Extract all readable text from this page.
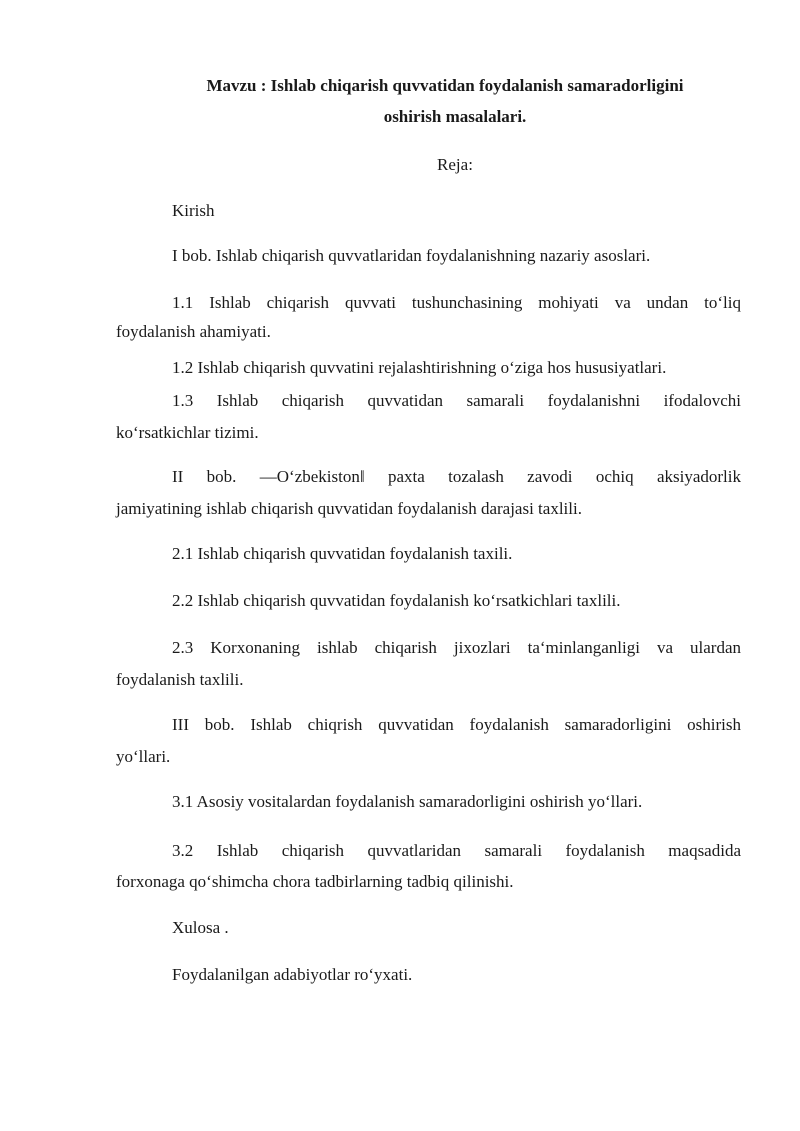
Mavzu : Ishlab chiqarish quvvatidan foydalanish samaradorligini
oshirish masalalari.
Reja:
Kirish
I bob. Ishlab chiqarish quvvatlaridan foydalanishning nazariy asoslari.
1.1 Ishlab chiqarish quvvati tushunchasining mohiyati va undan to‘liq
foydalanish ahamiyati.
1.2 Ishlab chiqarish quvvatini rejalashtirishning o‘ziga hos hususiyatlari.
1.3 Ishlab chiqarish quvvatidan samarali foydalanishni ifodalovchi
ko‘rsatkichlar tizimi.
II bob. ―O‘zbekiston‖ paxta tozalash zavodi ochiq aksiyadorlik
jamiyatining ishlab chiqarish quvvatidan foydalanish darajasi taxlili.
2.1 Ishlab chiqarish quvvatidan foydalanish taxili.
2.2 Ishlab chiqarish quvvatidan foydalanish ko‘rsatkichlari taxlili.
2.3 Korxonaning ishlab chiqarish jixozlari ta‘minlanganligi va ulardan
foydalanish taxlili.
III bob. Ishlab chiqrish quvvatidan foydalanish samaradorligini oshirish
yo‘llari.
3.1 Asosiy vositalardan foydalanish samaradorligini oshirish yo‘llari.
3.2 Ishlab chiqarish quvvatlaridan samarali foydalanish maqsadida
forxonaga qo‘shimcha chora tadbirlarning tadbiq qilinishi.
Xulosa .
Foydalanilgan adabiyotlar ro‘yxati.
